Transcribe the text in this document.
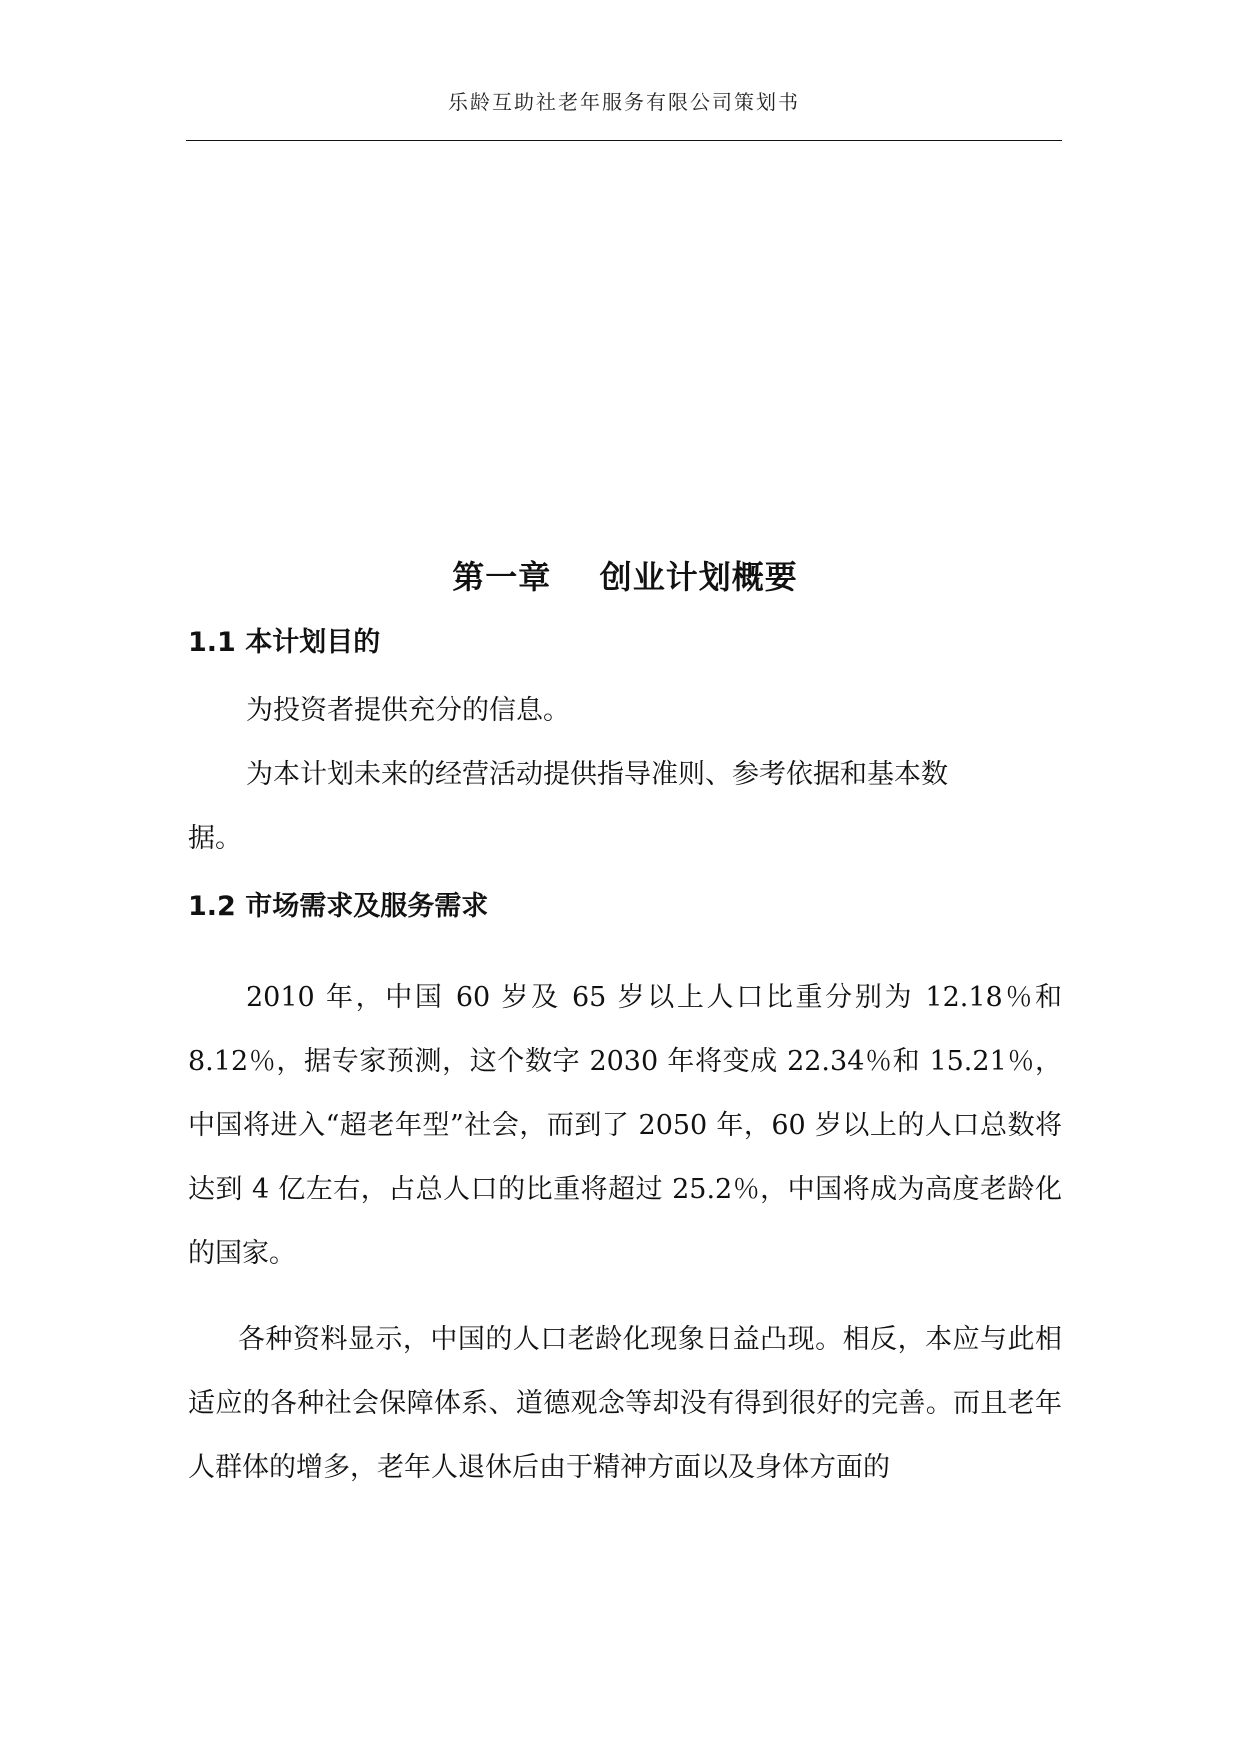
乐龄互助社老年服务有限公司策划书
第一章    创业计划概要
1.1 本计划目的
为投资者提供充分的信息。
为本计划未来的经营活动提供指导准则、参考依据和基本数
据。
1.2 市场需求及服务需求
2010 年，中国 60 岁及 65 岁以上人口比重分别为 12.18％和 8.12％，据专家预测，这个数字 2030 年将变成 22.34％和 15.21％，中国将进入“超老年型”社会，而到了 2050 年，60 岁以上的人口总数将达到 4 亿左右，占总人口的比重将超过 25.2％，中国将成为高度老龄化的国家。
各种资料显示，中国的人口老龄化现象日益凸现。相反，本应与此相适应的各种社会保障体系、道德观念等却没有得到很好的完善。而且老年人群体的增多，老年人退休后由于精神方面以及身体方面的
